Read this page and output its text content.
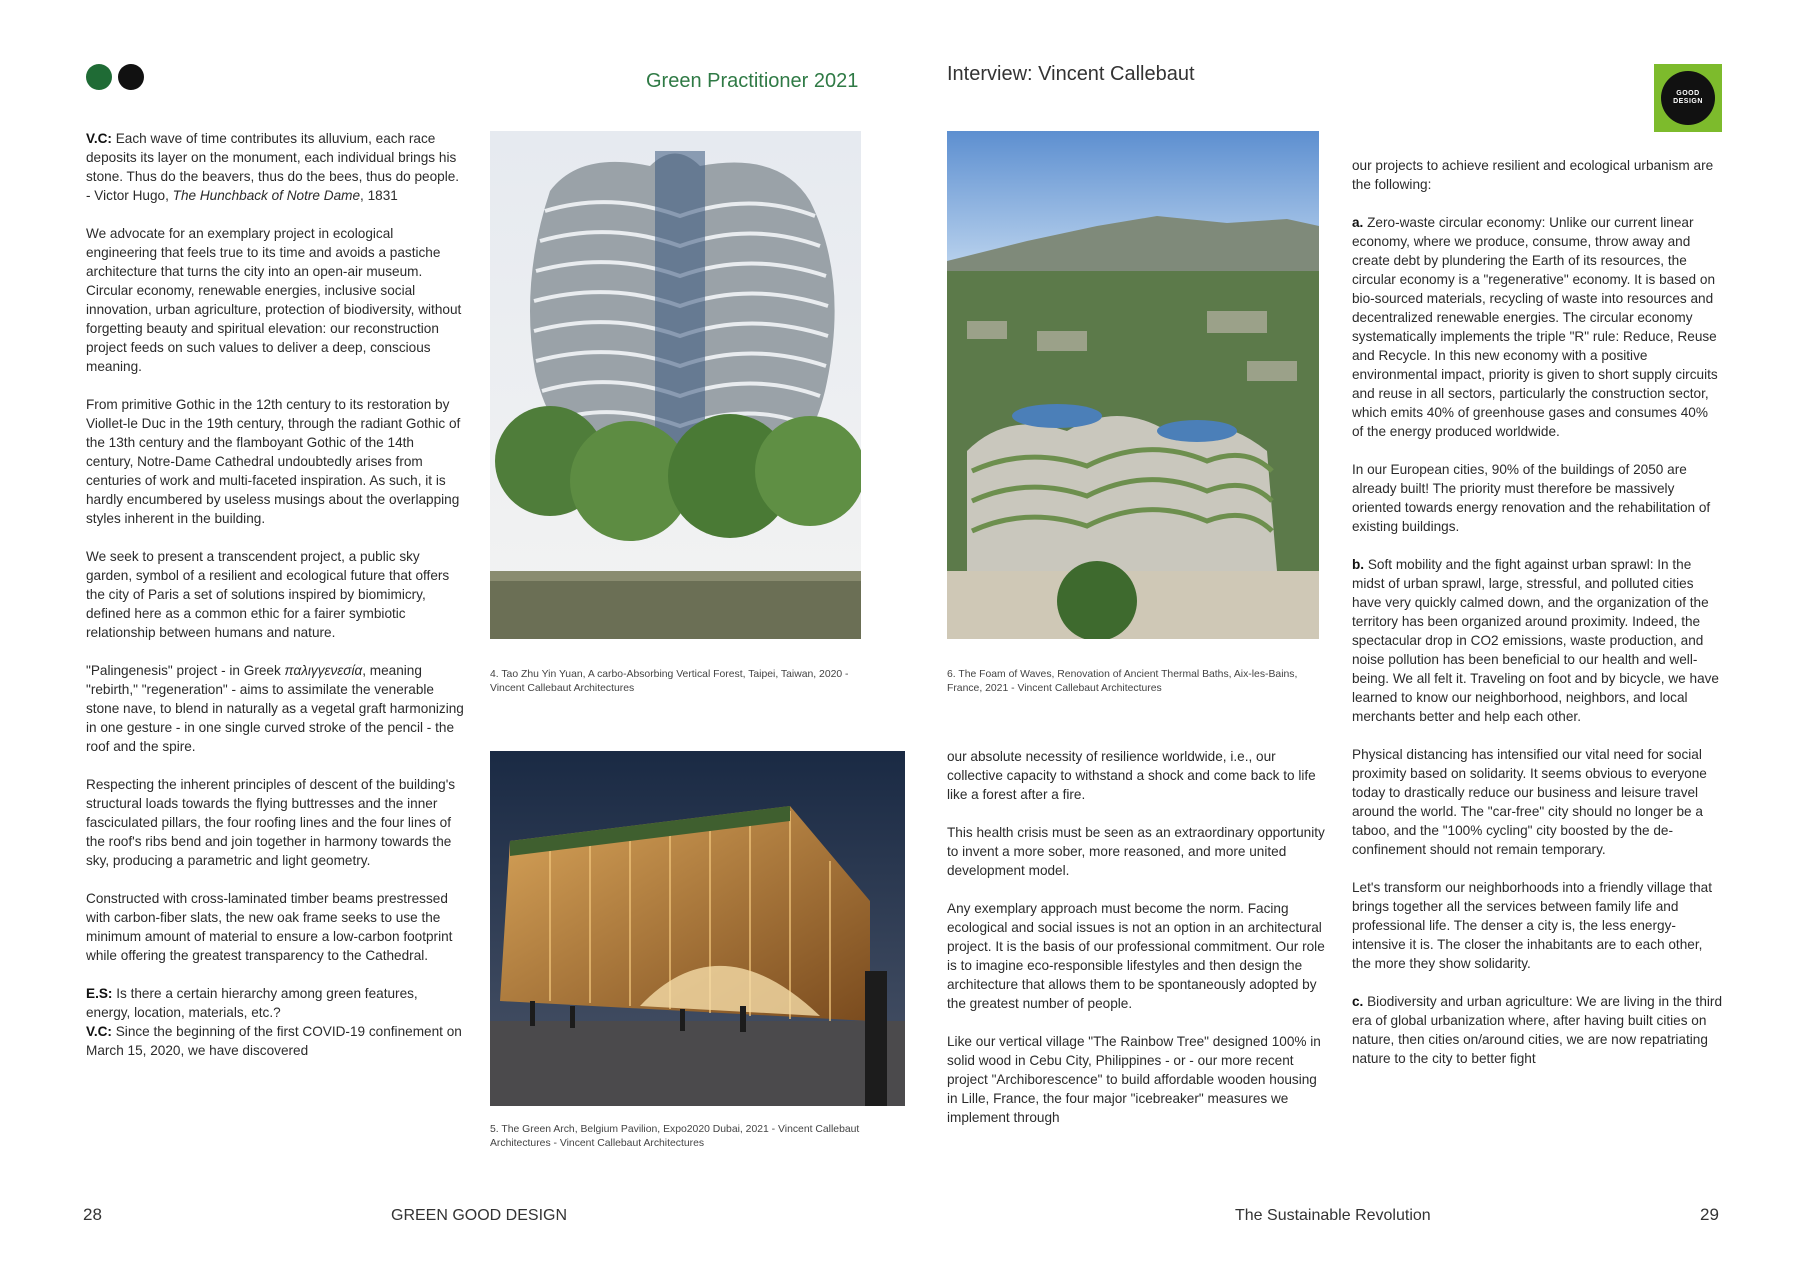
Green Practitioner 2021	Interview: Vincent Callebaut
GOOD
DESIGN

V.C: Each wave of time contributes its alluvium, each race deposits its layer on the monument, each individual brings his stone. Thus do the beavers, thus do the bees, thus do people.
- Victor Hugo, The Hunchback of Notre Dame, 1831

We advocate for an exemplary project in ecological engineering that feels true to its time and avoids a pastiche architecture that turns the city into an open-air museum. Circular economy, renewable energies, inclusive social innovation, urban agriculture, protection of biodiversity, without forgetting beauty and spiritual elevation: our reconstruction project feeds on such values to deliver a deep, conscious meaning.

From primitive Gothic in the 12th century to its restoration by Viollet-le Duc in the 19th century, through the radiant Gothic of the 13th century and the flamboyant Gothic of the 14th century, Notre-Dame Cathedral undoubtedly arises from centuries of work and multi-faceted inspiration. As such, it is hardly encumbered by useless musings about the overlapping styles inherent in the building.

We seek to present a transcendent project, a public sky garden, symbol of a resilient and ecological future that offers the city of Paris a set of solutions inspired by biomimicry, defined here as a common ethic for a fairer symbiotic relationship between humans and nature.

"Palingenesis" project - in Greek παλιγγενεσία, meaning "rebirth," "regeneration" - aims to assimilate the venerable stone nave, to blend in naturally as a vegetal graft harmonizing in one gesture - in one single curved stroke of the pencil - the roof and the spire.

Respecting the inherent principles of descent of the building's structural loads towards the flying buttresses and the inner fasciculated pillars, the four roofing lines and the four lines of the roof's ribs bend and join together in harmony towards the sky, producing a parametric and light geometry.

Constructed with cross-laminated timber beams prestressed with carbon-fiber slats, the new oak frame seeks to use the minimum amount of material to ensure a low-carbon footprint while offering the greatest transparency to the Cathedral.

E.S: Is there a certain hierarchy among green features, energy, location, materials, etc.?
V.C: Since the beginning of the first COVID-19 confinement on March 15, 2020, we have discovered

4. Tao Zhu Yin Yuan, A carbo-Absorbing Vertical Forest, Taipei, Taiwan, 2020 - Vincent Callebaut Architectures
5. The Green Arch, Belgium Pavilion, Expo2020 Dubai, 2021 - Vincent Callebaut Architectures - Vincent Callebaut Architectures
6. The Foam of Waves, Renovation of Ancient Thermal Baths, Aix-les-Bains, France, 2021 - Vincent Callebaut Architectures

our absolute necessity of resilience worldwide, i.e., our collective capacity to withstand a shock and come back to life like a forest after a fire.

This health crisis must be seen as an extraordinary opportunity to invent a more sober, more reasoned, and more united development model.

Any exemplary approach must become the norm. Facing ecological and social issues is not an option in an architectural project. It is the basis of our professional commitment. Our role is to imagine eco-responsible lifestyles and then design the architecture that allows them to be spontaneously adopted by the greatest number of people.

Like our vertical village "The Rainbow Tree" designed 100% in solid wood in Cebu City, Philippines - or - our more recent project "Archiborescence" to build affordable wooden housing in Lille, France, the four major "icebreaker" measures we implement through

our projects to achieve resilient and ecological urbanism are the following:

a. Zero-waste circular economy: Unlike our current linear economy, where we produce, consume, throw away and create debt by plundering the Earth of its resources, the circular economy is a "regenerative" economy. It is based on bio-sourced materials, recycling of waste into resources and decentralized renewable energies. The circular economy systematically implements the triple "R" rule: Reduce, Reuse and Recycle. In this new economy with a positive environmental impact, priority is given to short supply circuits and reuse in all sectors, particularly the construction sector, which emits 40% of greenhouse gases and consumes 40% of the energy produced worldwide.

In our European cities, 90% of the buildings of 2050 are already built! The priority must therefore be massively oriented towards energy renovation and the rehabilitation of existing buildings.

b. Soft mobility and the fight against urban sprawl: In the midst of urban sprawl, large, stressful, and polluted cities have very quickly calmed down, and the organization of the territory has been organized around proximity. Indeed, the spectacular drop in CO2 emissions, waste production, and noise pollution has been beneficial to our health and well-being. We all felt it. Traveling on foot and by bicycle, we have learned to know our neighborhood, neighbors, and local merchants better and help each other.

Physical distancing has intensified our vital need for social proximity based on solidarity. It seems obvious to everyone today to drastically reduce our business and leisure travel around the world. The "car-free" city should no longer be a taboo, and the "100% cycling" city boosted by the de-confinement should not remain temporary.

Let's transform our neighborhoods into a friendly village that brings together all the services between family life and professional life. The denser a city is, the less energy-intensive it is. The closer the inhabitants are to each other, the more they show solidarity.

c. Biodiversity and urban agriculture: We are living in the third era of global urbanization where, after having built cities on nature, then cities on/around cities, we are now repatriating nature to the city to better fight

28	GREEN GOOD DESIGN	The Sustainable Revolution	29
